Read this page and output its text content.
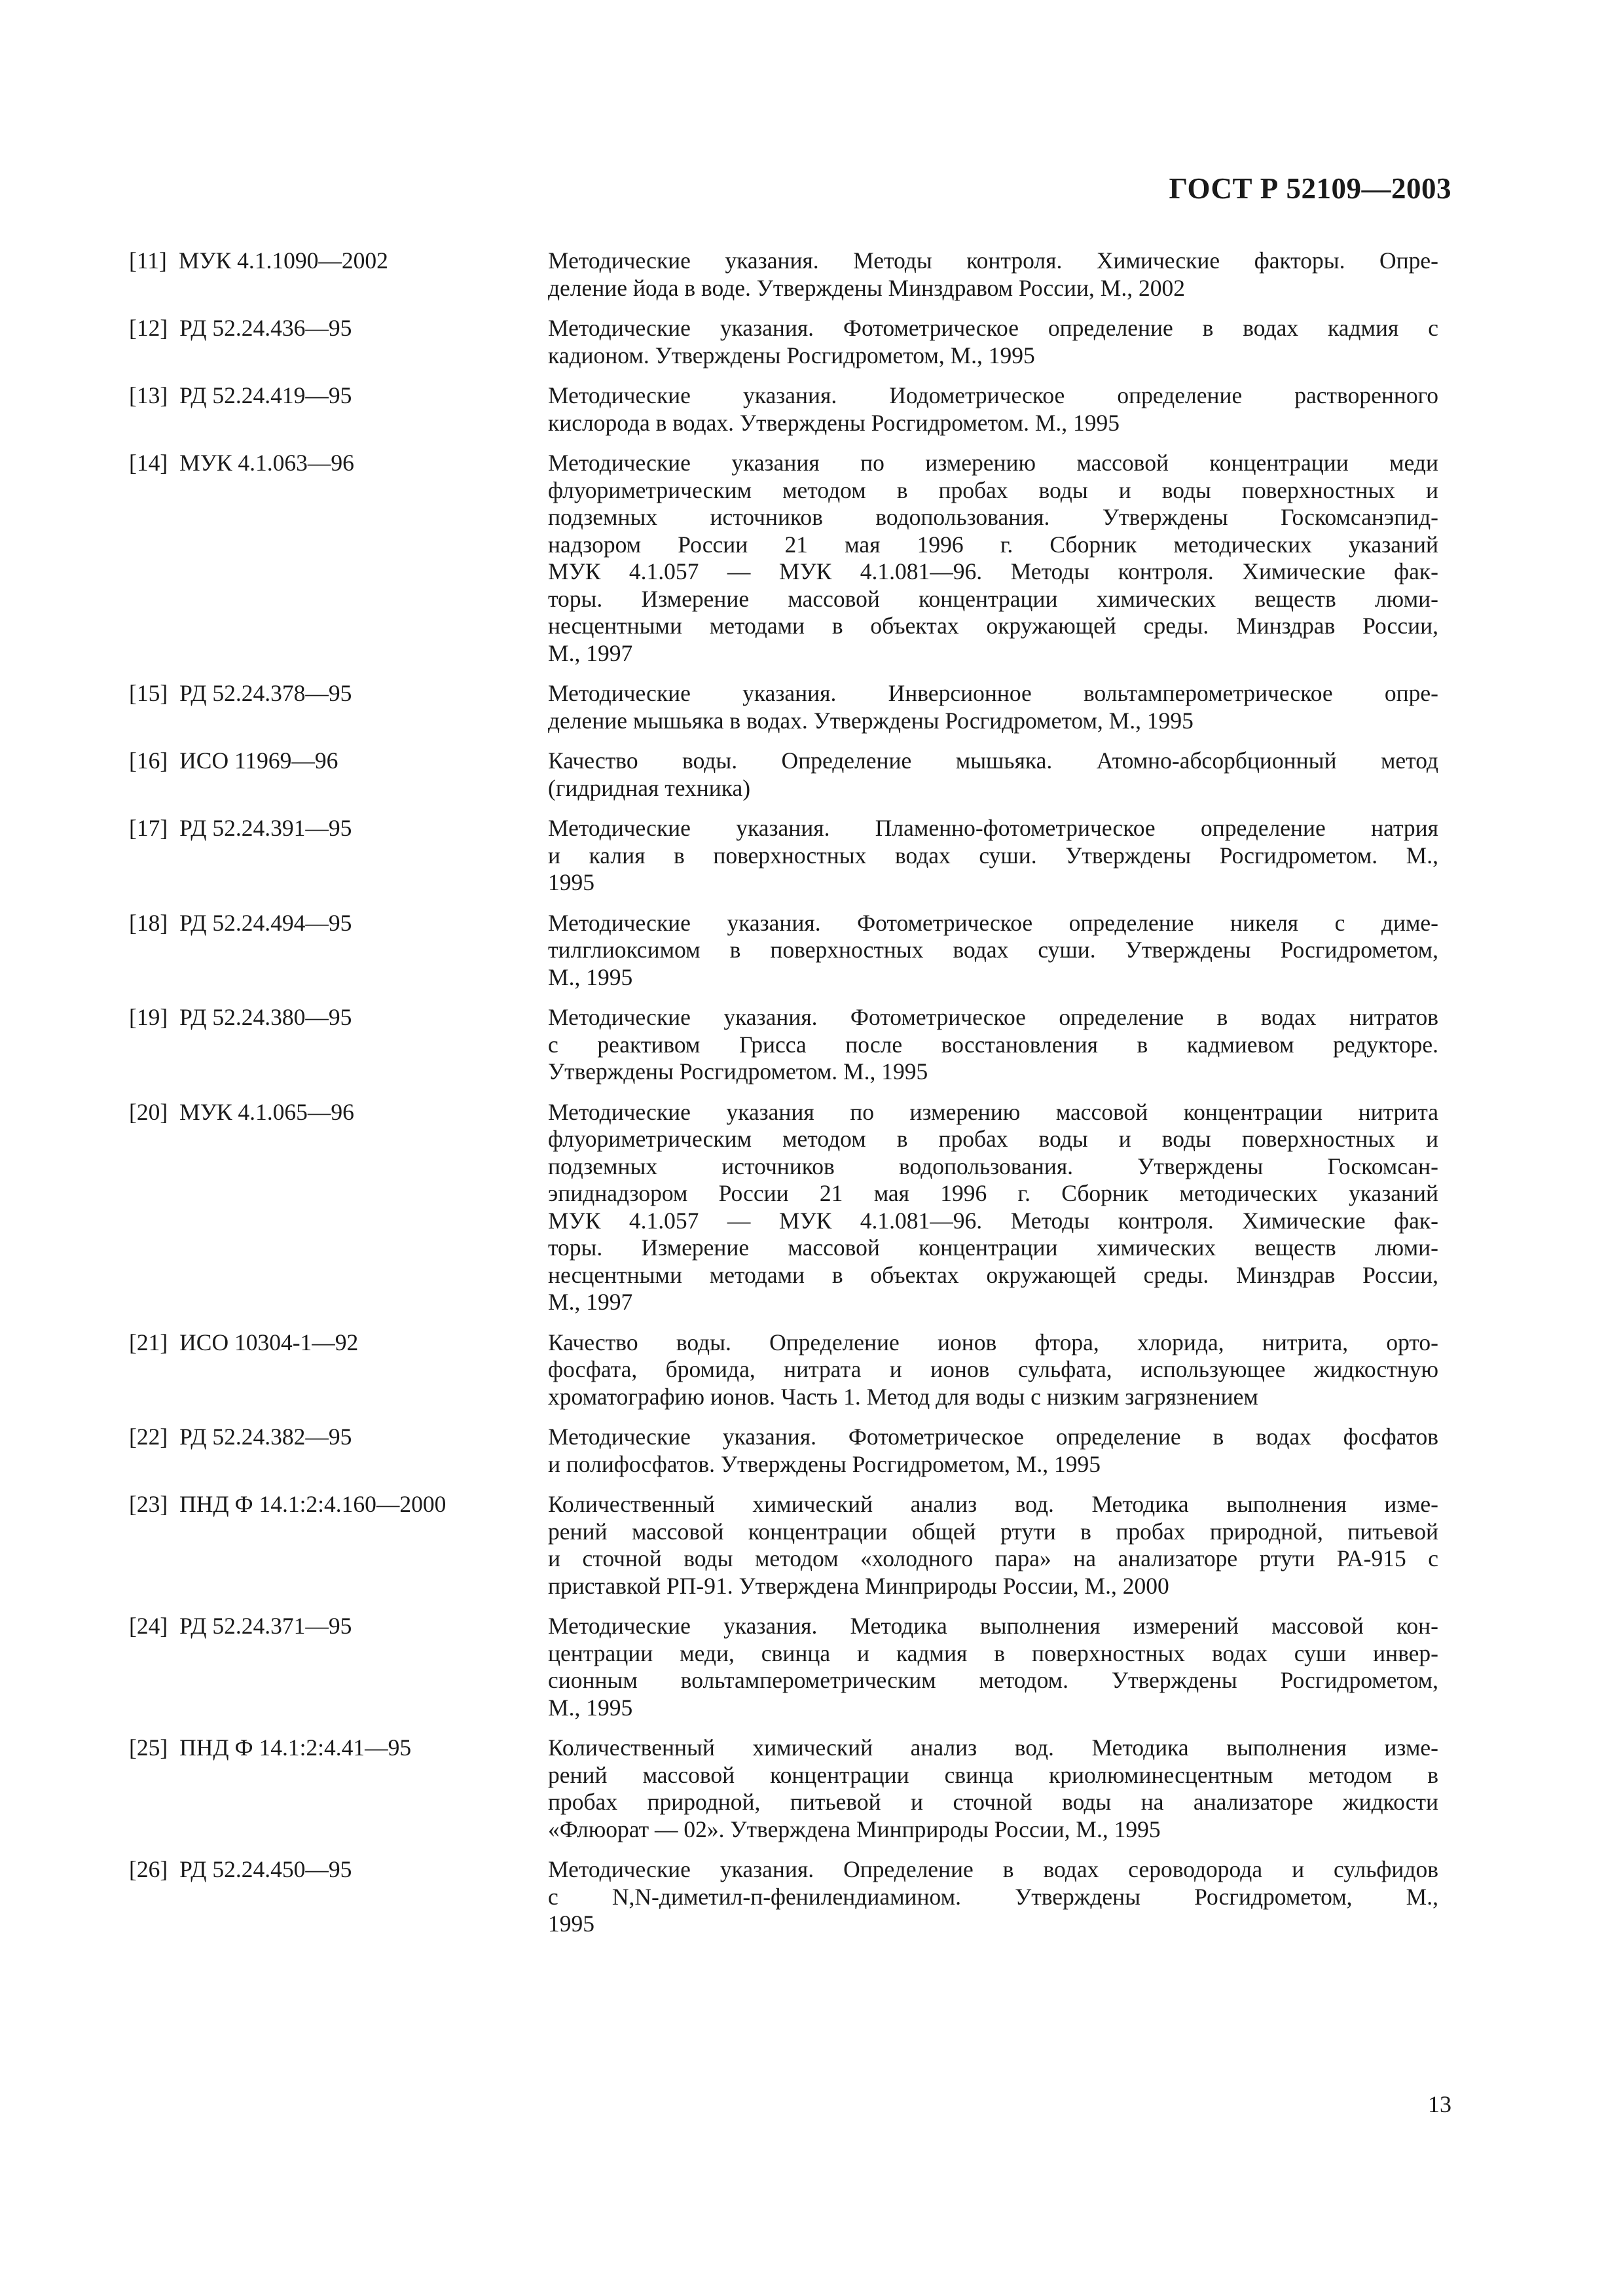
ГОСТ Р 52109—2003
[11] МУК 4.1.1090—2002	Методические указания. Методы контроля. Химические факторы. Опре-
деление йода в воде. Утверждены Минздравом России, М., 2002
[12] РД 52.24.436—95	Методические указания. Фотометрическое определение в водах кадмия с
кадионом. Утверждены Росгидрометом, М., 1995
[13] РД 52.24.419—95	Методические указания. Иодометрическое определение растворенного
кислорода в водах. Утверждены Росгидрометом. М., 1995
[14] МУК 4.1.063—96	Методические указания по измерению массовой концентрации меди
флуориметрическим методом в пробах воды и воды поверхностных и
подземных источников водопользования. Утверждены Госкомсанэпид-
надзором России 21 мая 1996 г. Сборник методических указаний
МУК 4.1.057 — МУК 4.1.081—96. Методы контроля. Химические фак-
торы. Измерение массовой концентрации химических веществ люми-
несцентными методами в объектах окружающей среды. Минздрав России,
М., 1997
[15] РД 52.24.378—95	Методические указания. Инверсионное вольтамперометрическое опре-
деление мышьяка в водах. Утверждены Росгидрометом, М., 1995
[16] ИСО 11969—96	Качество воды. Определение мышьяка. Атомно-абсорбционный метод
(гидридная техника)
[17] РД 52.24.391—95	Методические указания. Пламенно-фотометрическое определение натрия
и калия в поверхностных водах суши. Утверждены Росгидрометом. М.,
1995
[18] РД 52.24.494—95	Методические указания. Фотометрическое определение никеля с диме-
тилглиоксимом в поверхностных водах суши. Утверждены Росгидрометом,
М., 1995
[19] РД 52.24.380—95	Методические указания. Фотометрическое определение в водах нитратов
с реактивом Грисса после восстановления в кадмиевом редукторе.
Утверждены Росгидрометом. М., 1995
[20] МУК 4.1.065—96	Методические указания по измерению массовой концентрации нитрита
флуориметрическим методом в пробах воды и воды поверхностных и
подземных источников водопользования. Утверждены Госкомсан-
эпиднадзором России 21 мая 1996 г. Сборник методических указаний
МУК 4.1.057 — МУК 4.1.081—96. Методы контроля. Химические фак-
торы. Измерение массовой концентрации химических веществ люми-
несцентными методами в объектах окружающей среды. Минздрав России,
М., 1997
[21] ИСО 10304-1—92	Качество воды. Определение ионов фтора, хлорида, нитрита, орто-
фосфата, бромида, нитрата и ионов сульфата, использующее жидкостную
хроматографию ионов. Часть 1. Метод для воды с низким загрязнением
[22] РД 52.24.382—95	Методические указания. Фотометрическое определение в водах фосфатов
и полифосфатов. Утверждены Росгидрометом, М., 1995
[23] ПНД Ф 14.1:2:4.160—2000	Количественный химический анализ вод. Методика выполнения изме-
рений массовой концентрации общей ртути в пробах природной, питьевой
и сточной воды методом «холодного пара» на анализаторе ртути РА-915 с
приставкой РП-91. Утверждена Минприроды России, М., 2000
[24] РД 52.24.371—95	Методические указания. Методика выполнения измерений массовой кон-
центрации меди, свинца и кадмия в поверхностных водах суши инвер-
сионным вольтамперометрическим методом. Утверждены Росгидрометом,
М., 1995
[25] ПНД Ф 14.1:2:4.41—95	Количественный химический анализ вод. Методика выполнения изме-
рений массовой концентрации свинца криолюминесцентным методом в
пробах природной, питьевой и сточной воды на анализаторе жидкости
«Флюорат — 02». Утверждена Минприроды России, М., 1995
[26] РД 52.24.450—95	Методические указания. Определение в водах сероводорода и сульфидов
с N,N-диметил-п-фенилендиамином. Утверждены Росгидрометом, М.,
1995
13
